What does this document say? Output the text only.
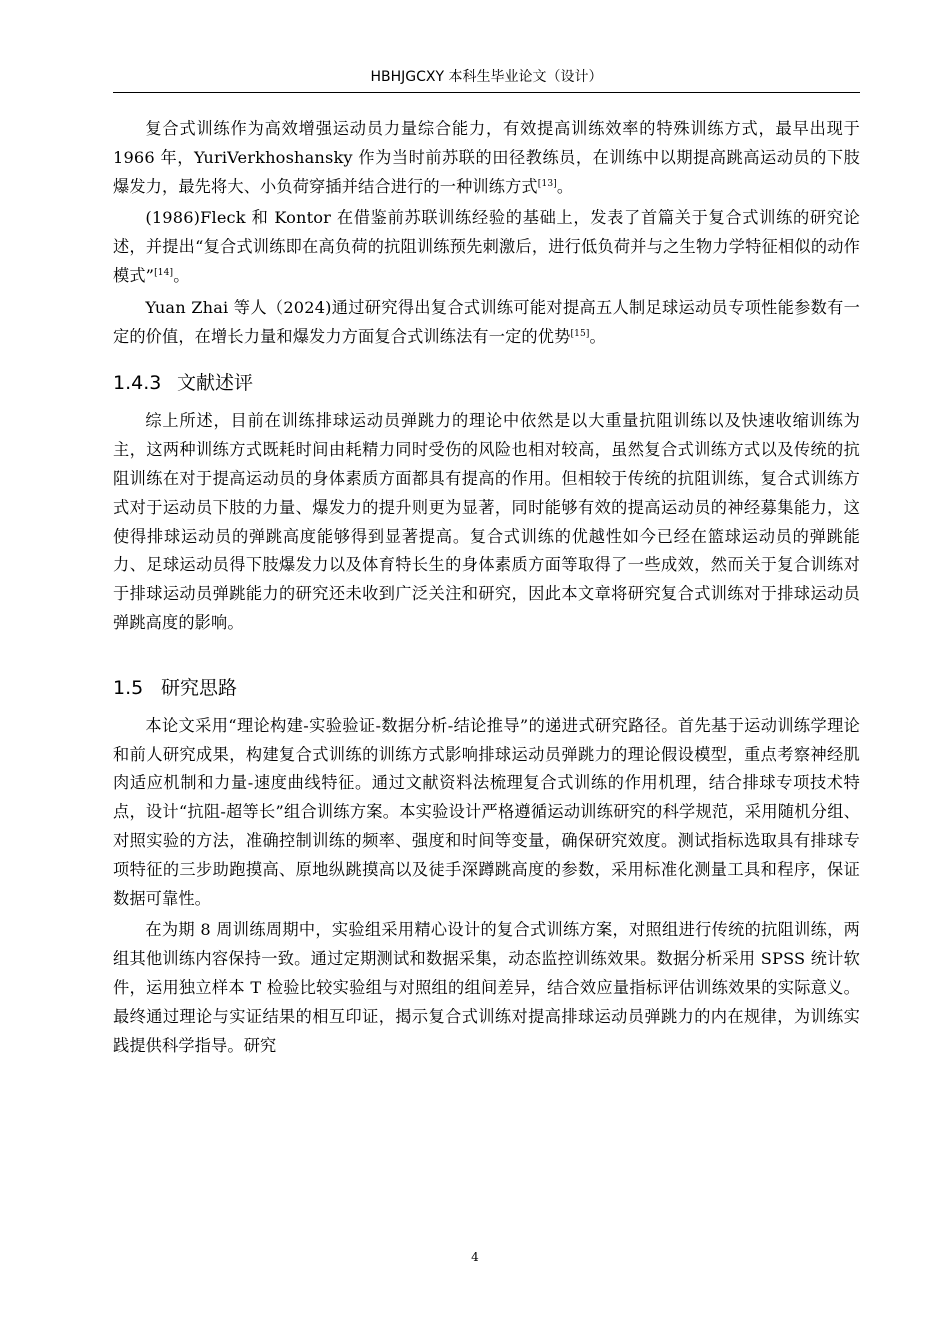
HBHJGCXY 本科生毕业论文（设计）

复合式训练作为高效增强运动员力量综合能力，有效提高训练效率的特殊训练方式，最早出现于 1966 年，YuriVerkhoshansky 作为当时前苏联的田径教练员，在训练中以期提高跳高运动员的下肢爆发力，最先将大、小负荷穿插并结合进行的一种训练方式[13]。

(1986)Fleck 和 Kontor 在借鉴前苏联训练经验的基础上，发表了首篇关于复合式训练的研究论述，并提出“复合式训练即在高负荷的抗阻训练预先刺激后，进行低负荷并与之生物力学特征相似的动作模式”[14]。

Yuan Zhai 等人（2024)通过研究得出复合式训练可能对提高五人制足球运动员专项性能参数有一定的价值，在增长力量和爆发力方面复合式训练法有一定的优势[15]。

1.4.3 文献述评

综上所述，目前在训练排球运动员弹跳力的理论中依然是以大重量抗阻训练以及快速收缩训练为主，这两种训练方式既耗时间由耗精力同时受伤的风险也相对较高，虽然复合式训练方式以及传统的抗阻训练在对于提高运动员的身体素质方面都具有提高的作用。但相较于传统的抗阻训练，复合式训练方式对于运动员下肢的力量、爆发力的提升则更为显著，同时能够有效的提高运动员的神经募集能力，这使得排球运动员的弹跳高度能够得到显著提高。复合式训练的优越性如今已经在篮球运动员的弹跳能力、足球运动员得下肢爆发力以及体育特长生的身体素质方面等取得了一些成效，然而关于复合训练对于排球运动员弹跳能力的研究还未收到广泛关注和研究，因此本文章将研究复合式训练对于排球运动员弹跳高度的影响。

1.5 研究思路

本论文采用“理论构建-实验验证-数据分析-结论推导”的递进式研究路径。首先基于运动训练学理论和前人研究成果，构建复合式训练的训练方式影响排球运动员弹跳力的理论假设模型，重点考察神经肌肉适应机制和力量-速度曲线特征。通过文献资料法梳理复合式训练的作用机理，结合排球专项技术特点，设计“抗阻-超等长”组合训练方案。本实验设计严格遵循运动训练研究的科学规范，采用随机分组、对照实验的方法，准确控制训练的频率、强度和时间等变量，确保研究效度。测试指标选取具有排球专项特征的三步助跑摸高、原地纵跳摸高以及徒手深蹲跳高度的参数，采用标准化测量工具和程序，保证数据可靠性。

在为期 8 周训练周期中，实验组采用精心设计的复合式训练方案，对照组进行传统的抗阻训练，两组其他训练内容保持一致。通过定期测试和数据采集，动态监控训练效果。数据分析采用 SPSS 统计软件，运用独立样本 T 检验比较实验组与对照组的组间差异，结合效应量指标评估训练效果的实际意义。最终通过理论与实证结果的相互印证，揭示复合式训练对提高排球运动员弹跳力的内在规律，为训练实践提供科学指导。研究

4
